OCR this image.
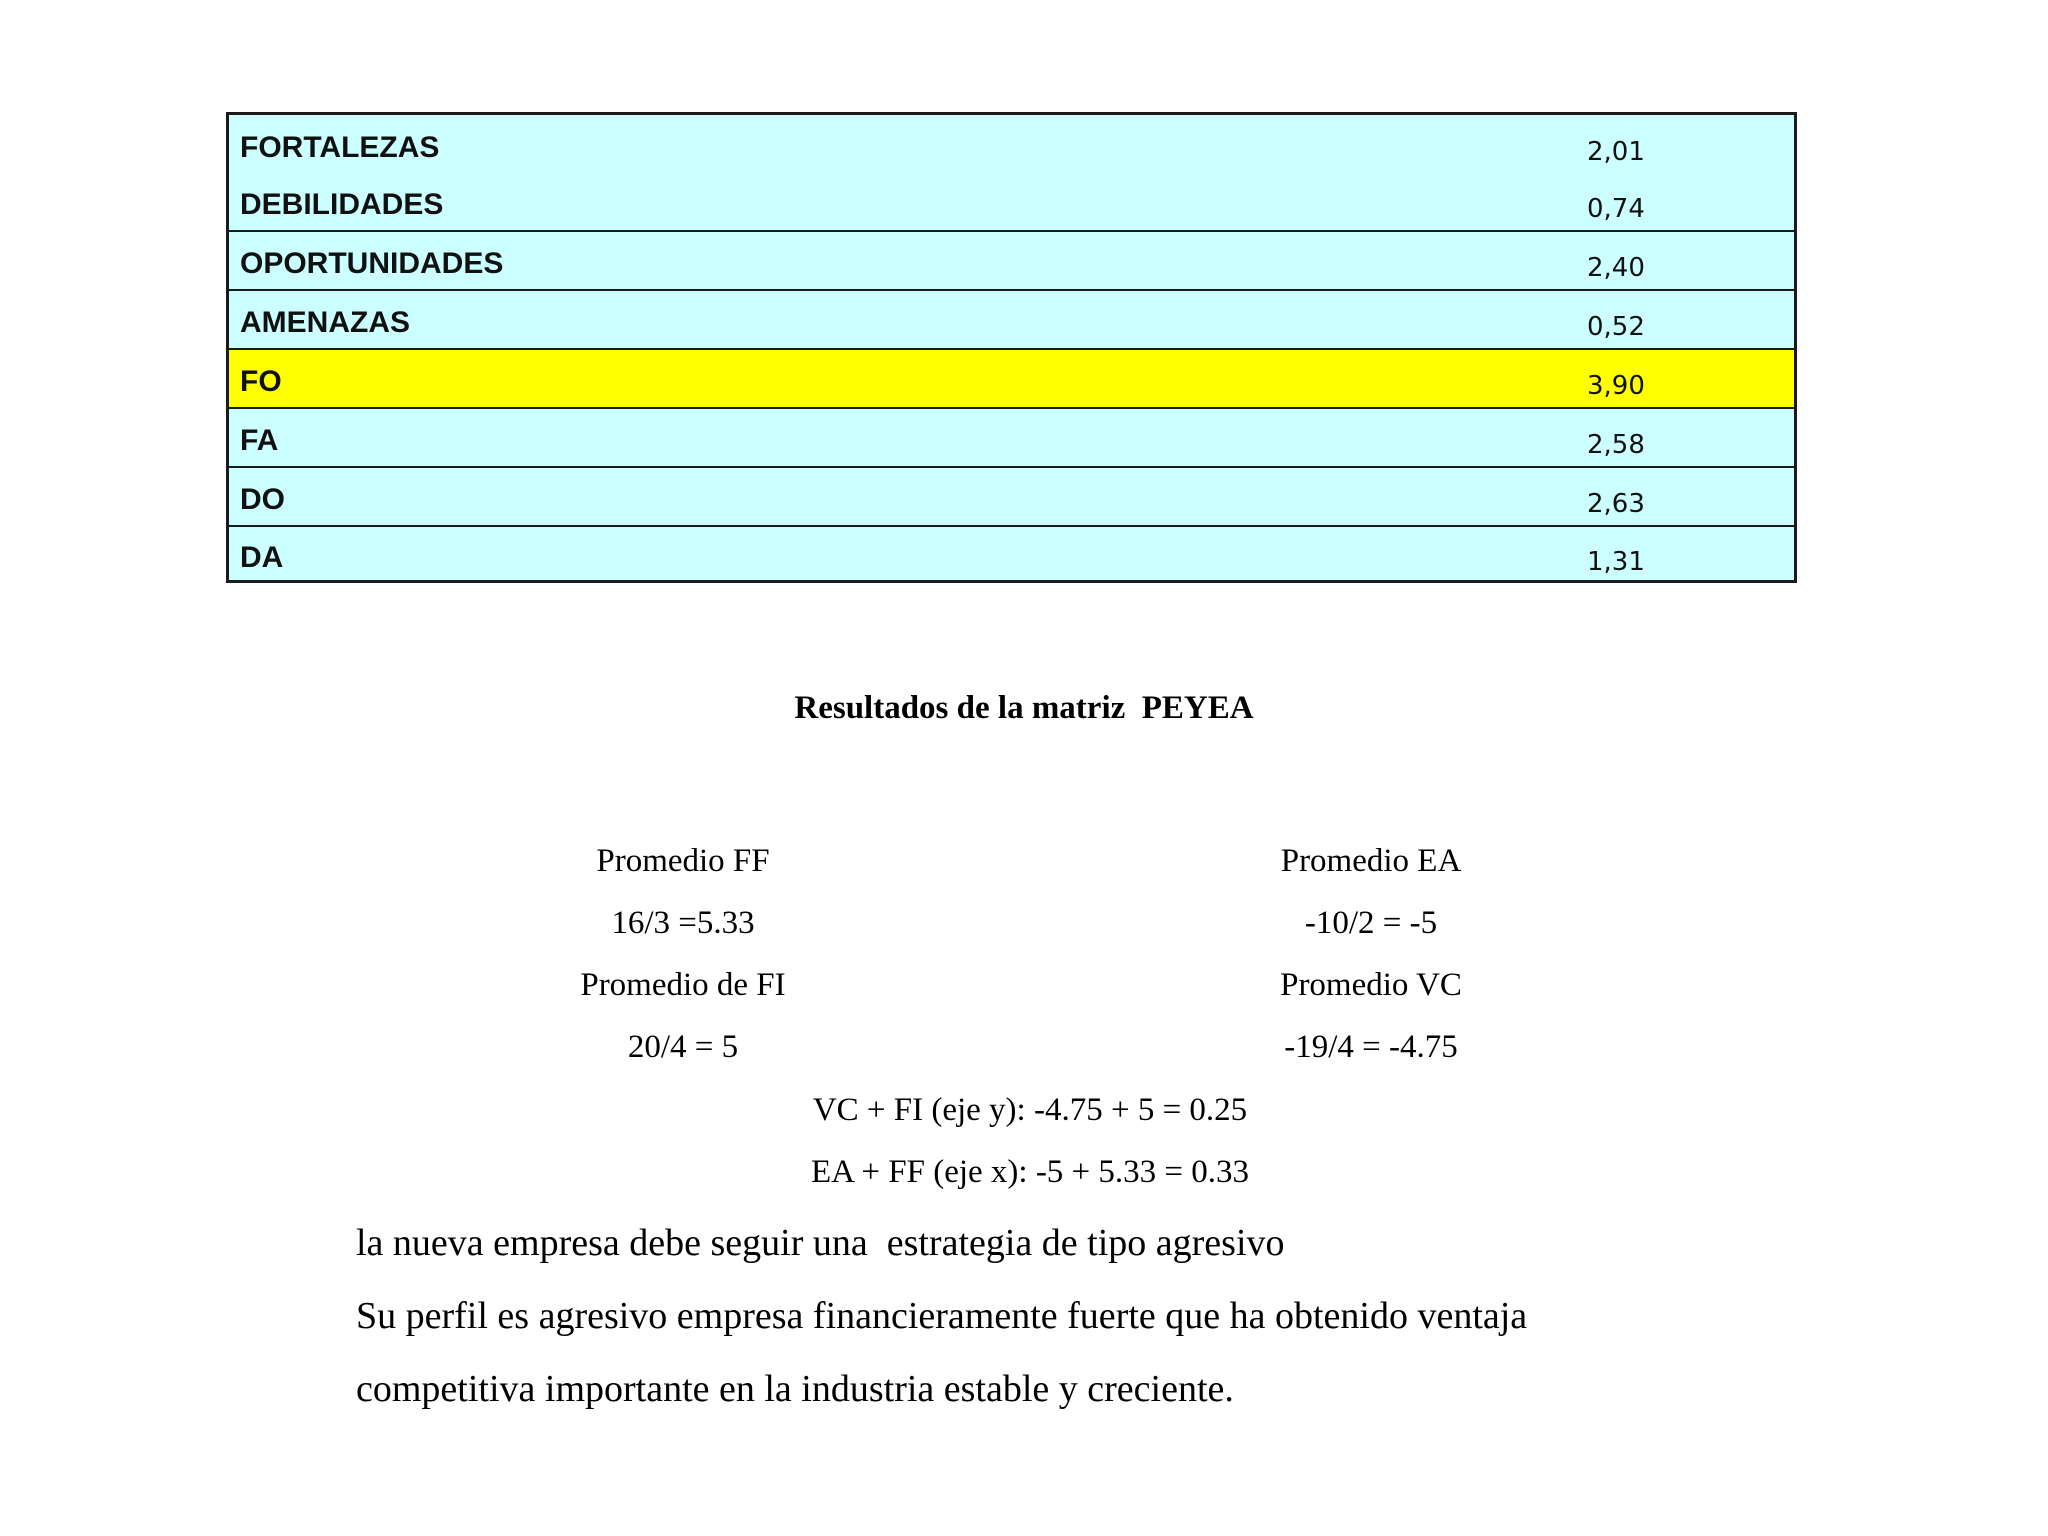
FORTALEZAS	2,01
DEBILIDADES	0,74
OPORTUNIDADES	2,40
AMENAZAS	0,52
FO	3,90
FA	2,58
DO	2,63
DA	1,31
Resultados de la matriz  PEYEA
Promedio FF
16/3 =5.33
Promedio de FI
20/4 = 5
Promedio EA
-10/2 = -5
Promedio VC
-19/4 = -4.75
VC + FI (eje y): -4.75 + 5 = 0.25
EA + FF (eje x): -5 + 5.33 = 0.33
la nueva empresa debe seguir una  estrategia de tipo agresivo
Su perfil es agresivo empresa financieramente fuerte que ha obtenido ventaja
competitiva importante en la industria estable y creciente.
